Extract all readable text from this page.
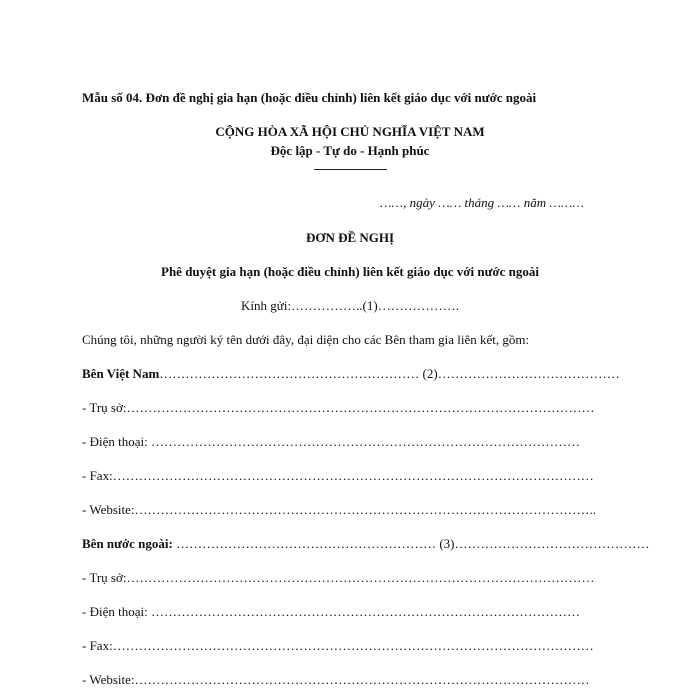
Mẫu số 04. Đơn đề nghị gia hạn (hoặc điều chỉnh) liên kết giáo dục với nước ngoài
CỘNG HÒA XÃ HỘI CHỦ NGHĨA VIỆT NAM
Độc lập - Tự do - Hạnh phúc
……, ngày …… tháng …… năm ………
ĐƠN ĐỀ NGHỊ
Phê duyệt gia hạn (hoặc điều chỉnh) liên kết giáo dục với nước ngoài
Kính gửi:……………..(1)……………….
Chúng tôi, những người ký tên dưới đây, đại diện cho các Bên tham gia liên kết, gồm:
Bên Việt Nam…………………………………………………… (2)……………………………………
- Trụ sở:………………………………………………………………………………………………
- Điện thoại: ………………………………………………………………………………………
- Fax:…………………………………………………………………………………………………
- Website:……………………………………………………………………………………………..
Bên nước ngoài: …………………………………………………… (3)………………………………………
- Trụ sở:………………………………………………………………………………………………
- Điện thoại: ………………………………………………………………………………………
- Fax:…………………………………………………………………………………………………
- Website:……………………………………………………………………………………………
